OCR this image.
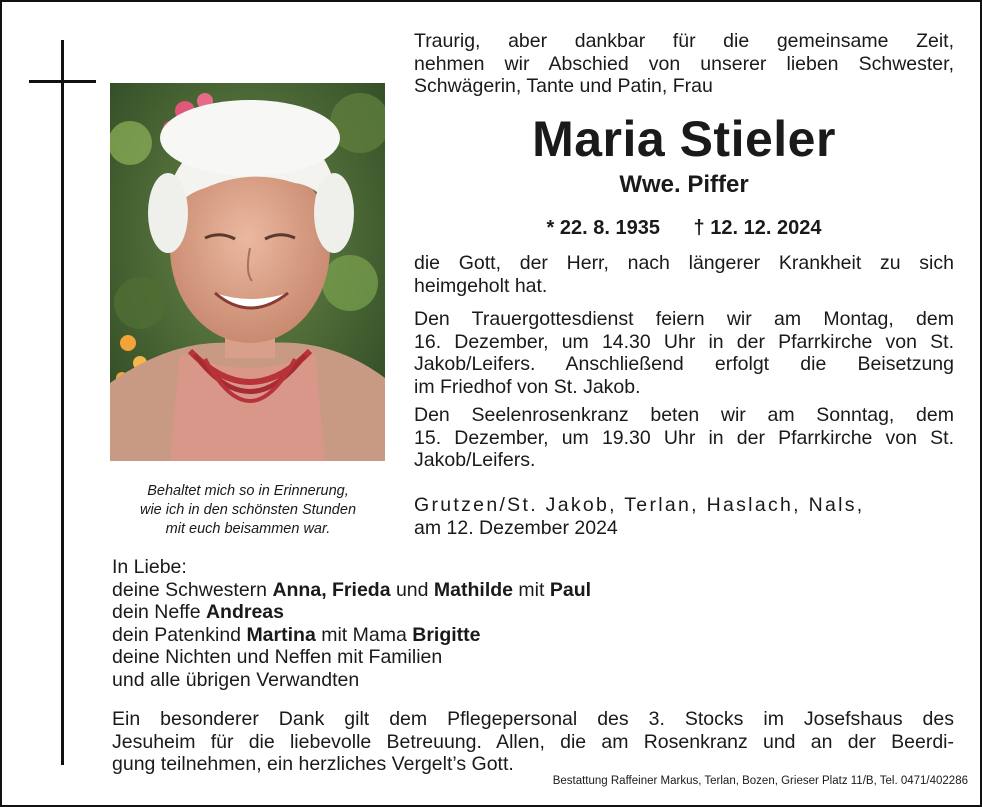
Behaltet mich so in Erinnerung,
wie ich in den schönsten Stunden
mit euch beisammen war.
Traurig, aber dankbar für die gemeinsame Zeit,
nehmen wir Abschied von unserer lieben Schwester,
Schwägerin, Tante und Patin, Frau
Maria Stieler
Wwe. Piffer
* 22. 8. 1935 † 12. 12. 2024
die Gott, der Herr, nach längerer Krankheit zu sich
heimgeholt hat.
Den Trauergottesdienst feiern wir am Montag, dem
16. Dezember, um 14.30 Uhr in der Pfarrkirche von St.
Jakob/Leifers. Anschließend erfolgt die Beisetzung
im Friedhof von St. Jakob.
Den Seelenrosenkranz beten wir am Sonntag, dem
15. Dezember, um 19.30 Uhr in der Pfarrkirche von St.
Jakob/Leifers.
Grutzen/St. Jakob, Terlan, Haslach, Nals,
am 12. Dezember 2024
In Liebe:
deine Schwestern Anna, Frieda und Mathilde mit Paul
dein Neffe Andreas
dein Patenkind Martina mit Mama Brigitte
deine Nichten und Neffen mit Familien
und alle übrigen Verwandten
Ein besonderer Dank gilt dem Pflegepersonal des 3. Stocks im Josefshaus des
Jesuheim für die liebevolle Betreuung. Allen, die am Rosenkranz und an der Beerdi-
gung teilnehmen, ein herzliches Vergelt’s Gott.
Bestattung Raffeiner Markus, Terlan, Bozen, Grieser Platz 11/B, Tel. 0471/402286
